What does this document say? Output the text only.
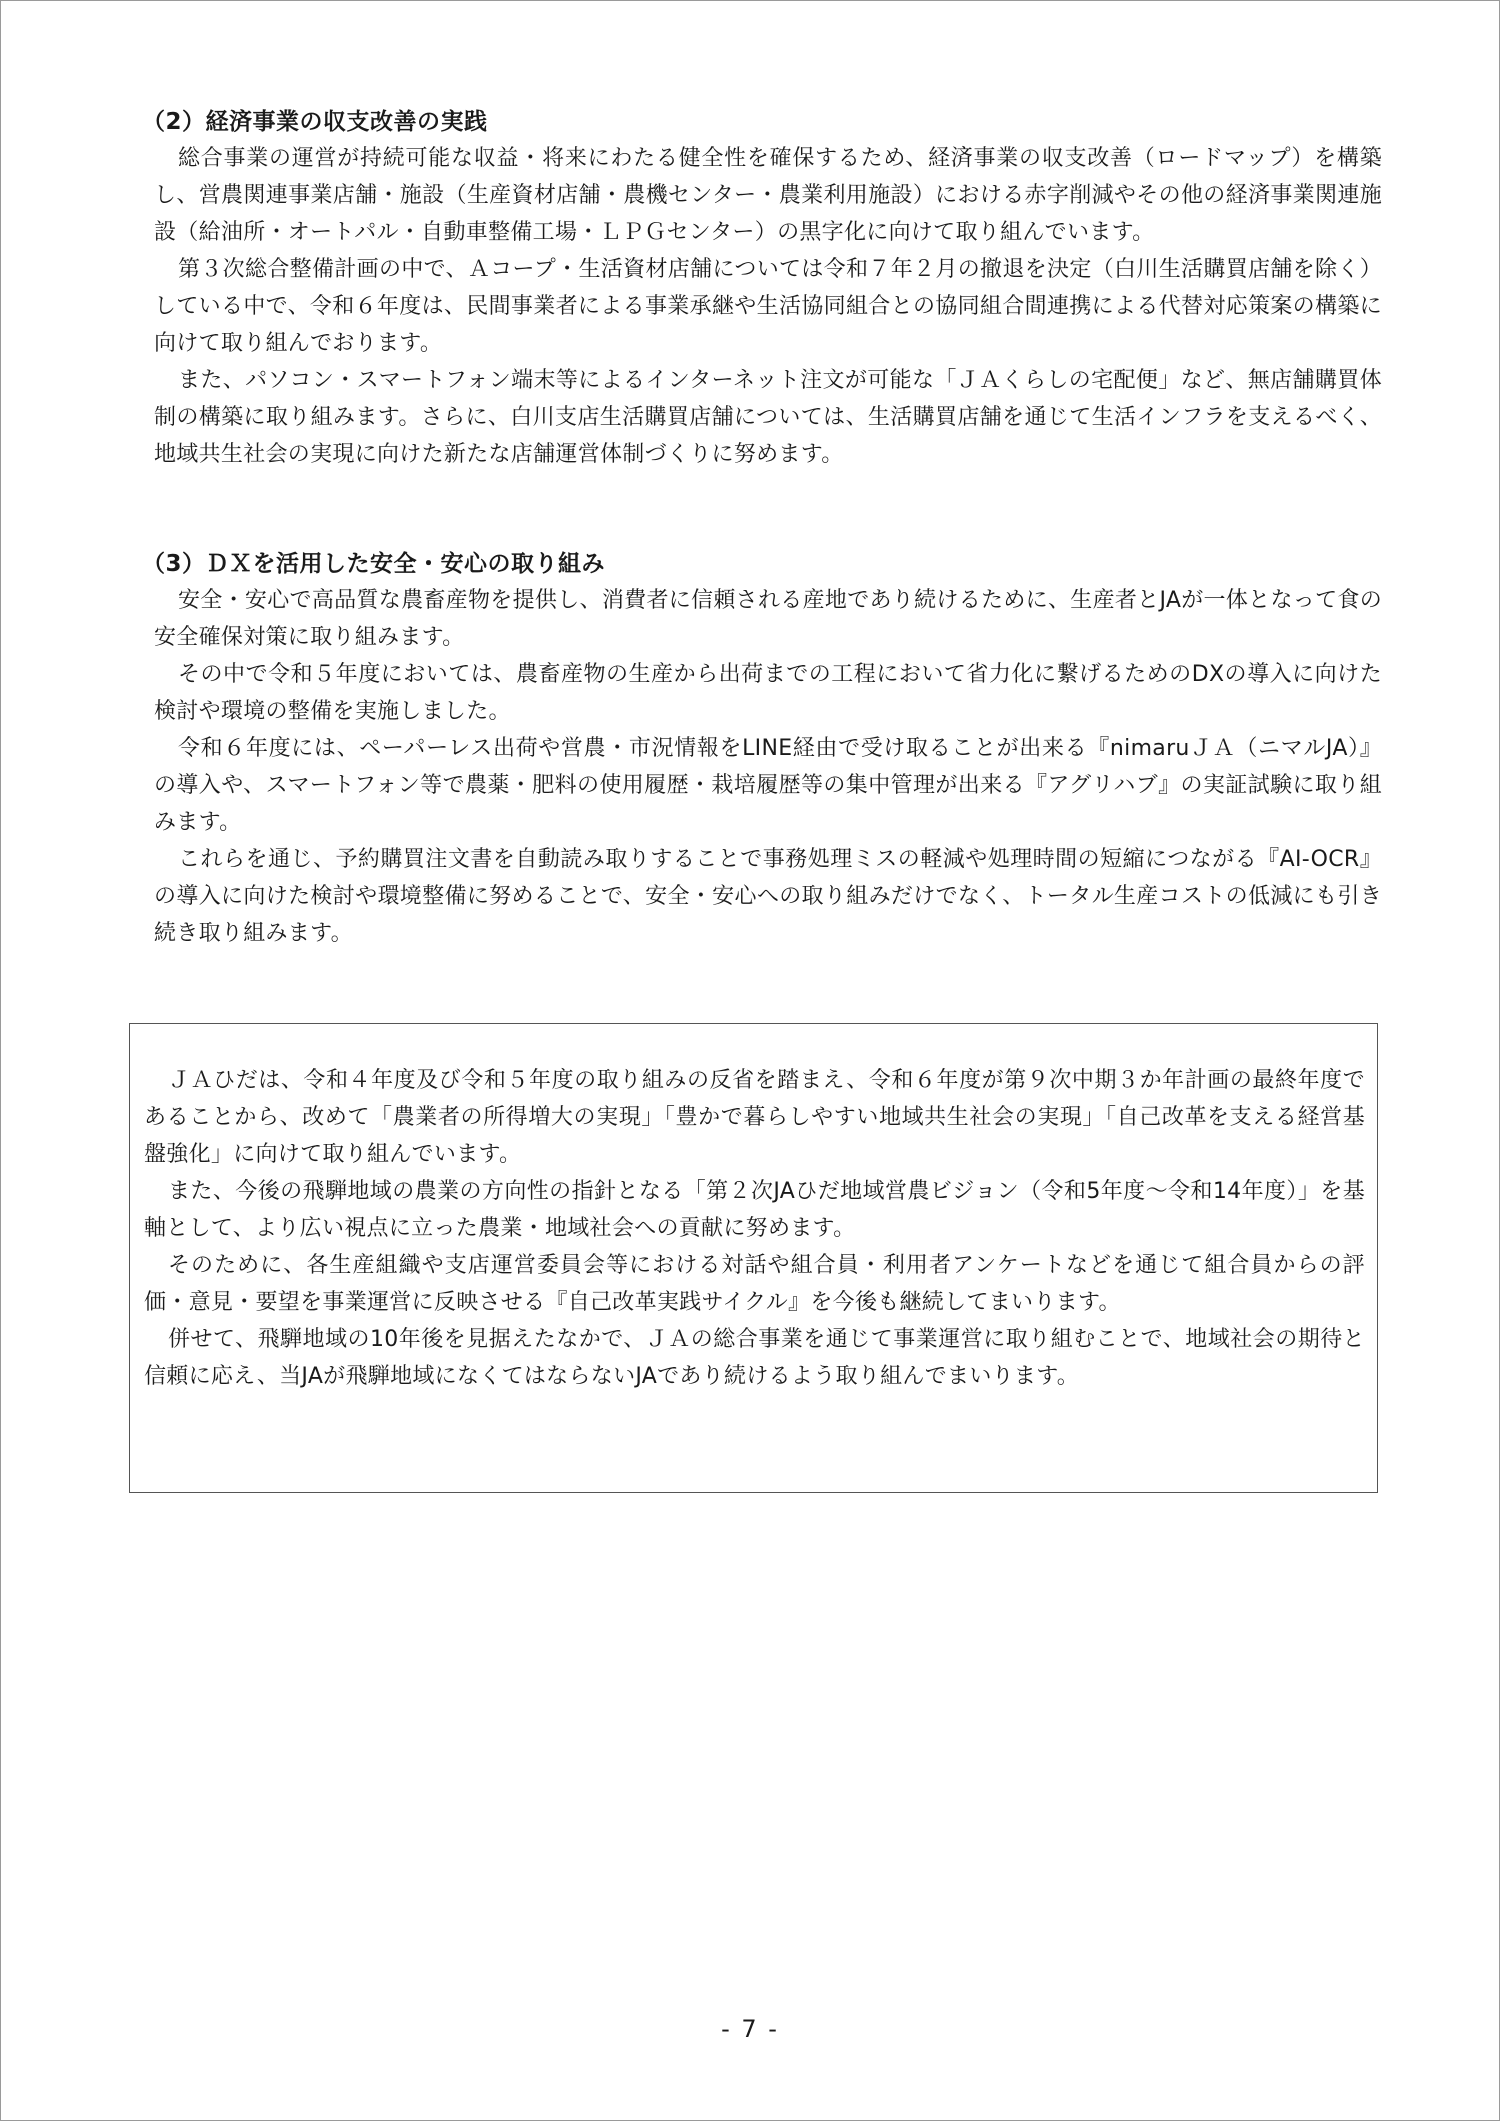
（2）経済事業の収支改善の実践

総合事業の運営が持続可能な収益・将来にわたる健全性を確保するため、経済事業の収支改善（ロードマップ）を構築し、営農関連事業店舗・施設（生産資材店舗・農機センター・農業利用施設）における赤字削減やその他の経済事業関連施設（給油所・オートパル・自動車整備工場・ＬＰＧセンター）の黒字化に向けて取り組んでいます。

第３次総合整備計画の中で、Ａコープ・生活資材店舗については令和７年２月の撤退を決定（白川生活購買店舗を除く）している中で、令和６年度は、民間事業者による事業承継や生活協同組合との協同組合間連携による代替対応策案の構築に向けて取り組んでおります。

また、パソコン・スマートフォン端末等によるインターネット注文が可能な「ＪＡくらしの宅配便」など、無店舗購買体制の構築に取り組みます。さらに、白川支店生活購買店舗については、生活購買店舗を通じて生活インフラを支えるべく、地域共生社会の実現に向けた新たな店舗運営体制づくりに努めます。

（3）ＤＸを活用した安全・安心の取り組み

安全・安心で高品質な農畜産物を提供し、消費者に信頼される産地であり続けるために、生産者とJAが一体となって食の安全確保対策に取り組みます。

その中で令和５年度においては、農畜産物の生産から出荷までの工程において省力化に繋げるためのDXの導入に向けた検討や環境の整備を実施しました。

令和６年度には、ペーパーレス出荷や営農・市況情報をLINE経由で受け取ることが出来る『nimaruＪＡ（ニマルJA）』の導入や、スマートフォン等で農薬・肥料の使用履歴・栽培履歴等の集中管理が出来る『アグリハブ』の実証試験に取り組みます。

これらを通じ、予約購買注文書を自動読み取りすることで事務処理ミスの軽減や処理時間の短縮につながる『AI-OCR』の導入に向けた検討や環境整備に努めることで、安全・安心への取り組みだけでなく、トータル生産コストの低減にも引き続き取り組みます。

ＪＡひだは、令和４年度及び令和５年度の取り組みの反省を踏まえ、令和６年度が第９次中期３か年計画の最終年度であることから、改めて「農業者の所得増大の実現」「豊かで暮らしやすい地域共生社会の実現」「自己改革を支える経営基盤強化」に向けて取り組んでいます。

また、今後の飛騨地域の農業の方向性の指針となる「第２次JAひだ地域営農ビジョン（令和5年度～令和14年度）」を基軸として、より広い視点に立った農業・地域社会への貢献に努めます。

そのために、各生産組織や支店運営委員会等における対話や組合員・利用者アンケートなどを通じて組合員からの評価・意見・要望を事業運営に反映させる『自己改革実践サイクル』を今後も継続してまいります。

併せて、飛騨地域の10年後を見据えたなかで、ＪＡの総合事業を通じて事業運営に取り組むことで、地域社会の期待と信頼に応え、当JAが飛騨地域になくてはならないJAであり続けるよう取り組んでまいります。

- 7 -
